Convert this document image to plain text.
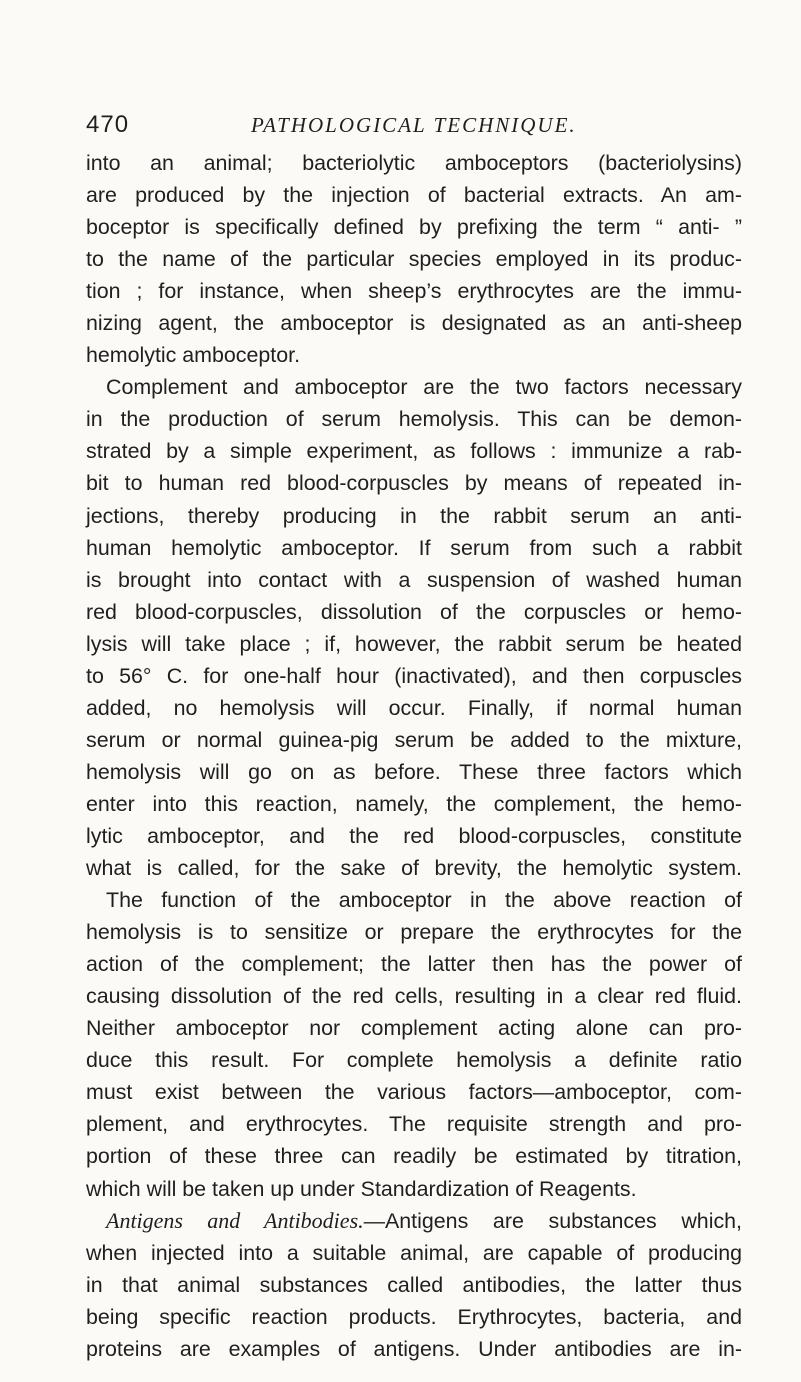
470	PATHOLOGICAL TECHNIQUE.
into an animal; bacteriolytic amboceptors (bacteriolysins)
are produced by the injection of bacterial extracts. An am-
boceptor is specifically defined by prefixing the term “ anti- ”
to the name of the particular species employed in its produc-
tion ; for instance, when sheep’s erythrocytes are the immu-
nizing agent, the amboceptor is designated as an anti-sheep
hemolytic amboceptor.
Complement and amboceptor are the two factors necessary
in the production of serum hemolysis. This can be demon-
strated by a simple experiment, as follows : immunize a rab-
bit to human red blood-corpuscles by means of repeated in-
jections, thereby producing in the rabbit serum an anti-
human hemolytic amboceptor. If serum from such a rabbit
is brought into contact with a suspension of washed human
red blood-corpuscles, dissolution of the corpuscles or hemo-
lysis will take place ; if, however, the rabbit serum be heated
to 56° C. for one-half hour (inactivated), and then corpuscles
added, no hemolysis will occur. Finally, if normal human
serum or normal guinea-pig serum be added to the mixture,
hemolysis will go on as before. These three factors which
enter into this reaction, namely, the complement, the hemo-
lytic amboceptor, and the red blood-corpuscles, constitute
what is called, for the sake of brevity, the hemolytic system.
The function of the amboceptor in the above reaction of
hemolysis is to sensitize or prepare the erythrocytes for the
action of the complement; the latter then has the power of
causing dissolution of the red cells, resulting in a clear red fluid.
Neither amboceptor nor complement acting alone can pro-
duce this result. For complete hemolysis a definite ratio
must exist between the various factors—amboceptor, com-
plement, and erythrocytes. The requisite strength and pro-
portion of these three can readily be estimated by titration,
which will be taken up under Standardization of Reagents.
Antigens and Antibodies.—Antigens are substances which,
when injected into a suitable animal, are capable of producing
in that animal substances called antibodies, the latter thus
being specific reaction products. Erythrocytes, bacteria, and
proteins are examples of antigens. Under antibodies are in-
